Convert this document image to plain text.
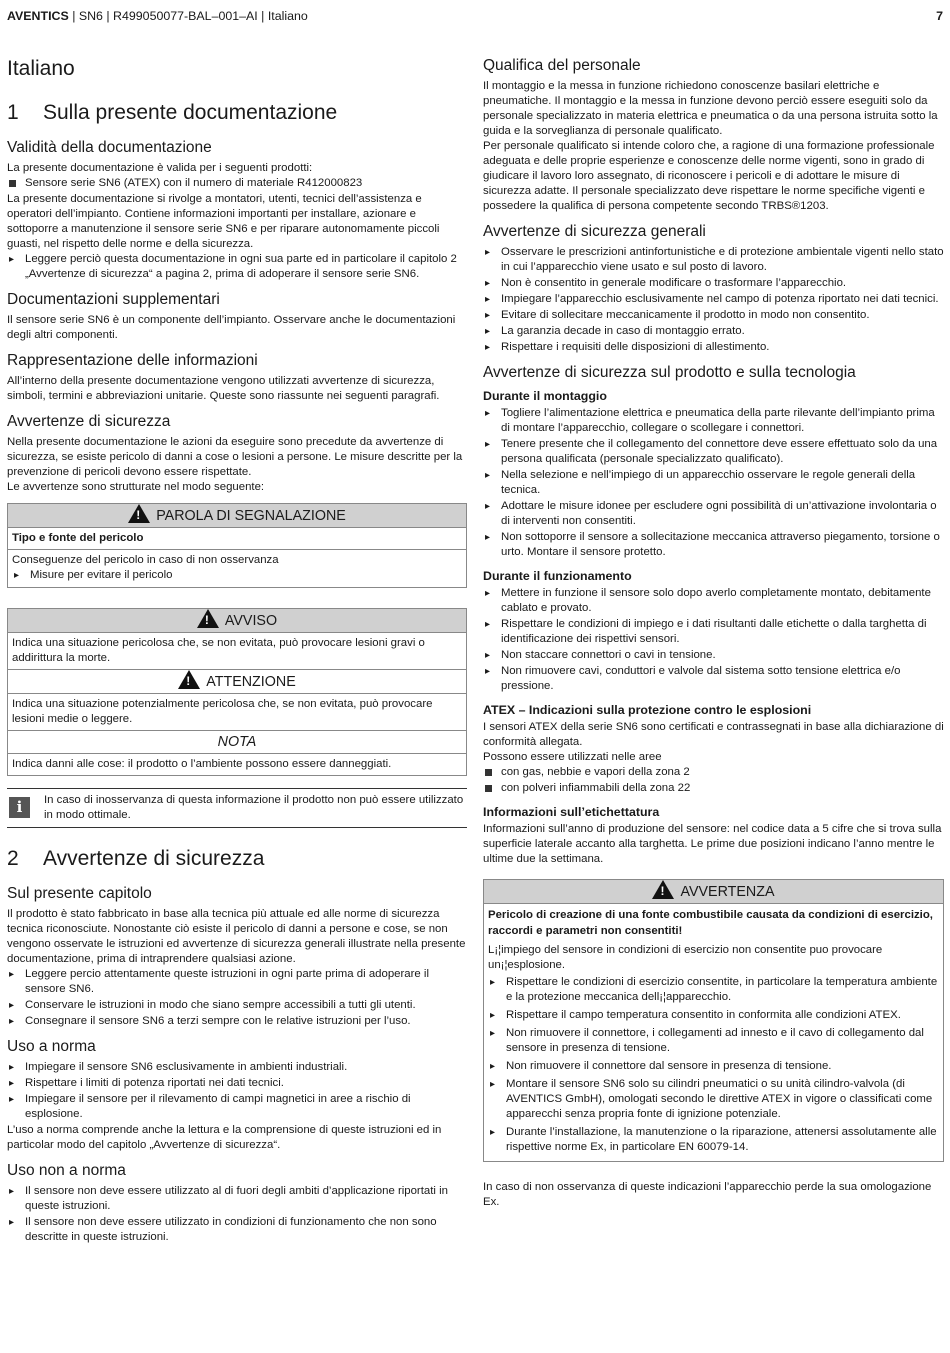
AVENTICS | SN6 | R499050077-BAL–001–AI | Italiano	7
Italiano
1 Sulla presente documentazione
Validità della documentazione

La presente documentazione è valida per i seguenti prodotti:

Sensore serie SN6 (ATEX) con il numero di materiale R412000823

La presente documentazione si rivolge a montatori, utenti, tecnici dell’assistenza e operatori dell’impianto. Contiene informazioni importanti per installare, azionare e sottoporre a manutenzione il sensore serie SN6 e per riparare autonomamente piccoli guasti, nel rispetto delle norme e della sicurezza.

▸ Leggere perciò questa documentazione in ogni sua parte ed in particolare il capitolo 2 „Avvertenze di sicurezza“ a pagina 2, prima di adoperare il sensore serie SN6.
Documentazioni supplementari

Il sensore serie SN6 è un componente dell’impianto. Osservare anche le documentazioni degli altri componenti.

Rappresentazione delle informazioni

All’interno della presente documentazione vengono utilizzati avvertenze di sicurezza, simboli, termini e abbreviazioni unitarie. Queste sono riassunte nei seguenti paragrafi.

Avvertenze di sicurezza

Nella presente documentazione le azioni da eseguire sono precedute da avvertenze di sicurezza, se esiste pericolo di danni a cose o lesioni a persone. Le misure descritte per la prevenzione di pericoli devono essere rispettate.

Le avvertenze sono strutturate nel modo seguente:

!PAROLA DI SEGNALAZIONE

Tipo e fonte del pericolo

Conseguenze del pericolo in caso di non osservanza

▸ Misure per evitare il pericolo
!AVVISO
Indica una situazione pericolosa che, se non evitata, può provocare lesioni gravi o addirittura la morte.
!ATTENZIONE
Indica una situazione potenzialmente pericolosa che, se non evitata, può provocare lesioni medie o leggere.
NOTA
Indica danni alle cose: il prodotto o l’ambiente possono essere danneggiati.
i	In caso di inosservanza di questa informazione il prodotto non può essere utilizzato in modo ottimale.
2 Avvertenze di sicurezza
Sul presente capitolo

Il prodotto è stato fabbricato in base alla tecnica più attuale ed alle norme di sicurezza tecnica riconosciute. Nonostante ciò esiste il pericolo di danni a persone e cose, se non vengono osservate le istruzioni ed avvertenze di sicurezza generali illustrate nella presente documentazione, prima di intraprendere qualsiasi azione.

▸ Leggere percio attentamente queste istruzioni in ogni parte prima di adoperare il sensore SN6.
▸ Conservare le istruzioni in modo che siano sempre accessibili a tutti gli utenti.
▸ Consegnare il sensore SN6 a terzi sempre con le relative istruzioni per l’uso.
Uso a norma
▸ Impiegare il sensore SN6 esclusivamente in ambienti industriali.
▸ Rispettare i limiti di potenza riportati nei dati tecnici.
▸ Impiegare il sensore per il rilevamento di campi magnetici in aree a rischio di esplosione.

L’uso a norma comprende anche la lettura e la comprensione di queste istruzioni ed in particolar modo del capitolo „Avvertenze di sicurezza“.

Uso non a norma
▸ Il sensore non deve essere utilizzato al di fuori degli ambiti d’applicazione riportati in queste istruzioni.
▸ Il sensore non deve essere utilizzato in condizioni di funzionamento che non sono descritte in queste istruzioni.
Qualifica del personale

Il montaggio e la messa in funzione richiedono conoscenze basilari elettriche e pneumatiche. Il montaggio e la messa in funzione devono perciò essere eseguiti solo da personale specializzato in materia elettrica e pneumatica o da una persona istruita sotto la guida e la sorveglianza di personale qualificato.

Per personale qualificato si intende coloro che, a ragione di una formazione professionale adeguata e delle proprie esperienze e conoscenze delle norme vigenti, sono in grado di giudicare il lavoro loro assegnato, di riconoscere i pericoli e di adottare le misure di sicurezza adatte. Il personale specializzato deve rispettare le norme specifiche vigenti e possedere la qualifica di persona competente secondo TRBS®1203.

Avvertenze di sicurezza generali
▸ Osservare le prescrizioni antinfortunistiche e di protezione ambientale vigenti nello stato in cui l’apparecchio viene usato e sul posto di lavoro.
▸ Non è consentito in generale modificare o trasformare l’apparecchio.
▸ Impiegare l’apparecchio esclusivamente nel campo di potenza riportato nei dati tecnici.
▸ Evitare di sollecitare meccanicamente il prodotto in modo non consentito.
▸ La garanzia decade in caso di montaggio errato.
▸ Rispettare i requisiti delle disposizioni di allestimento.
Avvertenze di sicurezza sul prodotto e sulla tecnologia
Durante il montaggio
▸ Togliere l’alimentazione elettrica e pneumatica della parte rilevante dell’impianto prima di montare l’apparecchio, collegare o scollegare i connettori.
▸ Tenere presente che il collegamento del connettore deve essere effettuato solo da una persona qualificata (personale specializzato qualificato).
▸ Nella selezione e nell’impiego di un apparecchio osservare le regole generali della tecnica.
▸ Adottare le misure idonee per escludere ogni possibilità di un’attivazione involontaria o di interventi non consentiti.
▸ Non sottoporre il sensore a sollecitazione meccanica attraverso piegamento, torsione o urto. Montare il sensore protetto.
Durante il funzionamento
▸ Mettere in funzione il sensore solo dopo averlo completamente montato, debitamente cablato e provato.
▸ Rispettare le condizioni di impiego e i dati risultanti dalle etichette o dalla targhetta di identificazione dei rispettivi sensori.
▸ Non staccare connettori o cavi in tensione.
▸ Non rimuovere cavi, conduttori e valvole dal sistema sotto tensione elettrica e/o pressione.
ATEX – Indicazioni sulla protezione contro le esplosioni

I sensori ATEX della serie SN6 sono certificati e contrassegnati in base alla dichiarazione di conformità allegata.

Possono essere utilizzati nelle aree

con gas, nebbie e vapori della zona 2
con polveri infiammabili della zona 22
Informazioni sull’etichettatura

Informazioni sull’anno di produzione del sensore: nel codice data a 5 cifre che si trova sulla superficie laterale accanto alla targhetta. Le prime due posizioni indicano l’anno mentre le ultime due la settimana.

!AVVERTENZA

Pericolo di creazione di una fonte combustibile causata da condizioni di esercizio, raccordi e parametri non consentiti!

L¡¦impiego del sensore in condizioni di esercizio non consentite puo provocare un¡¦esplosione.

▸ Rispettare le condizioni di esercizio consentite, in particolare la temperatura ambiente e la protezione meccanica dell¡¦apparecchio.
▸ Rispettare il campo temperatura consentito in conformita alle condizioni ATEX.
▸ Non rimuovere il connettore, i collegamenti ad innesto e il cavo di collegamento dal sensore in presenza di tensione.
▸ Non rimuovere il connettore dal sensore in presenza di tensione.
▸ Montare il sensore SN6 solo su cilindri pneumatici o su unità cilindro-valvola (di AVENTICS GmbH), omologati secondo le direttive ATEX in vigore o classificati come apparecchi senza propria fonte di ignizione potenziale.
▸ Durante l’installazione, la manutenzione o la riparazione, attenersi assolutamente alle rispettive norme Ex, in particolare EN 60079-14.

In caso di non osservanza di queste indicazioni l’apparecchio perde la sua omologazione Ex.
